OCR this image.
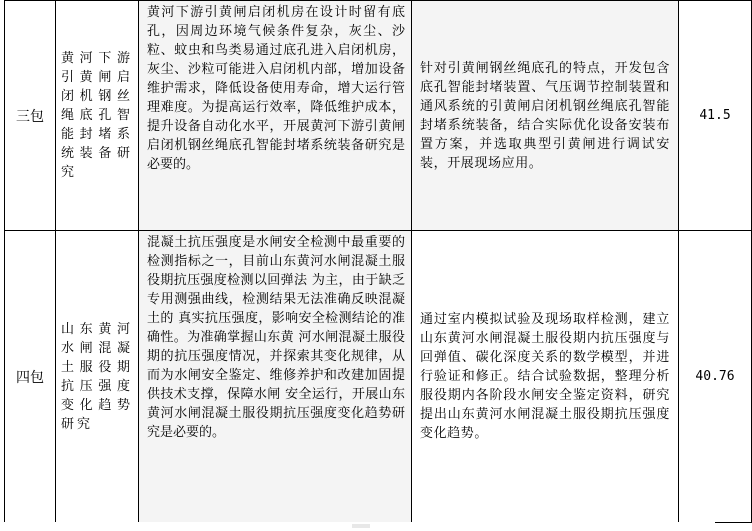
三包	黄河下游引黄闸启闭机钢丝绳底孔智能封堵系统装备研究	黄河下游引黄闸启闭机房在设计时留有底孔，因周边环境气候条件复杂，灰尘、沙粒、蚊虫和鸟类易通过底孔进入启闭机房，灰尘、沙粒可能进入启闭机内部，增加设备维护需求，降低设备使用寿命，增大运行管理难度。为提高运行效率，降低维护成本，提升设备自动化水平，开展黄河下游引黄闸启闭机钢丝绳底孔智能封堵系统装备研究是必要的。	针对引黄闸钢丝绳底孔的特点，开发包含底孔智能封堵装置、气压调节控制装置和通风系统的引黄闸启闭机钢丝绳底孔智能封堵系统装备，结合实际优化设备安装布置方案，并选取典型引黄闸进行调试安装，开展现场应用。	41.5
四包	山东黄河水闸混凝土服役期抗压强度变化趋势研究	混凝土抗压强度是水闸安全检测中最重要的检测指标之一，目前山东黄河水闸混凝土服役期抗压强度检测以回弹法 为主，由于缺乏专用测强曲线，检测结果无法准确反映混凝土的 真实抗压强度，影响安全检测结论的准确性。为准确掌握山东黄 河水闸混凝土服役期的抗压强度情况，并探索其变化规律，从而为水闸安全鉴定、维修养护和改建加固提供技术支撑，保障水闸 安全运行，开展山东黄河水闸混凝土服役期抗压强度变化趋势研 究是必要的。	通过室内模拟试验及现场取样检测，建立山东黄河水闸混凝土服役期内抗压强度与回弹值、碳化深度关系的数学模型，并进行验证和修正。结合试验数据，整理分析服役期内各阶段水闸安全鉴定资料，研究提出山东黄河水闸混凝土服役期抗压强度变化趋势。	40.76
